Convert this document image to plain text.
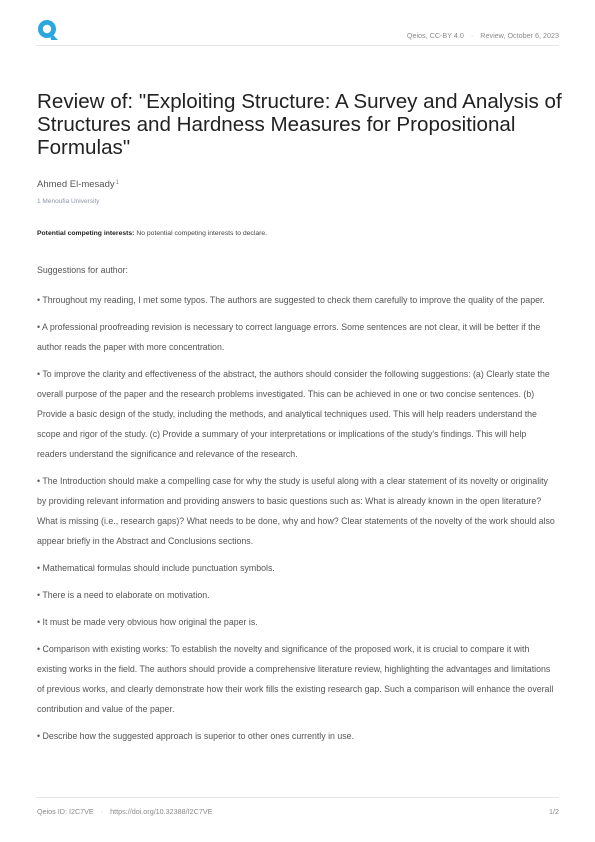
Qeios, CC-BY 4.0 · Review, October 6, 2023
Review of: "Exploiting Structure: A Survey and Analysis of Structures and Hardness Measures for Propositional Formulas"
Ahmed El-mesady$^1$
1 Menoufia University
Potential competing interests: No potential competing interests to declare.

Suggestions for author:

• Throughout my reading, I met some typos. The authors are suggested to check them carefully to improve the quality of the paper.

• A professional proofreading revision is necessary to correct language errors. Some sentences are not clear, it will be better if the author reads the paper with more concentration.

• To improve the clarity and effectiveness of the abstract, the authors should consider the following suggestions: (a) Clearly state the overall purpose of the paper and the research problems investigated. This can be achieved in one or two concise sentences. (b) Provide a basic design of the study, including the methods, and analytical techniques used. This will help readers understand the scope and rigor of the study. (c) Provide a summary of your interpretations or implications of the study's findings. This will help readers understand the significance and relevance of the research.

• The Introduction should make a compelling case for why the study is useful along with a clear statement of its novelty or originality by providing relevant information and providing answers to basic questions such as: What is already known in the open literature? What is missing (i.e., research gaps)? What needs to be done, why and how? Clear statements of the novelty of the work should also appear briefly in the Abstract and Conclusions sections.

• Mathematical formulas should include punctuation symbols.

• There is a need to elaborate on motivation.

• It must be made very obvious how original the paper is.

• Comparison with existing works: To establish the novelty and significance of the proposed work, it is crucial to compare it with existing works in the field. The authors should provide a comprehensive literature review, highlighting the advantages and limitations of previous works, and clearly demonstrate how their work fills the existing research gap. Such a comparison will enhance the overall contribution and value of the paper.

• Describe how the suggested approach is superior to other ones currently in use.

Qeios ID: I2C7VE · https://doi.org/10.32388/I2C7VE	1/2
